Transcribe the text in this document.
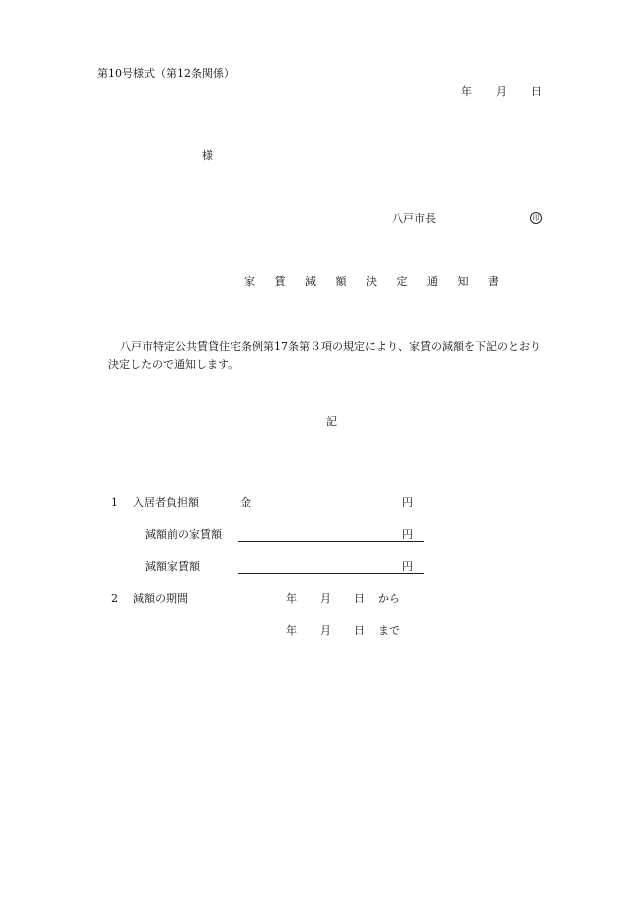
第10号様式（第12条関係）
年 月 日
様
八戸市長	印
家 賃 減 額 決 定 通 知 書
八戸市特定公共賃貸住宅条例第17条第３項の規定により、家賃の減額を下記のとおり
決定したので通知します。
記
1 入居者負担額	金	円
減額前の家賃額	円
減額家賃額	円
2 減額の期間	年 月 日 から
年 月 日 まで
